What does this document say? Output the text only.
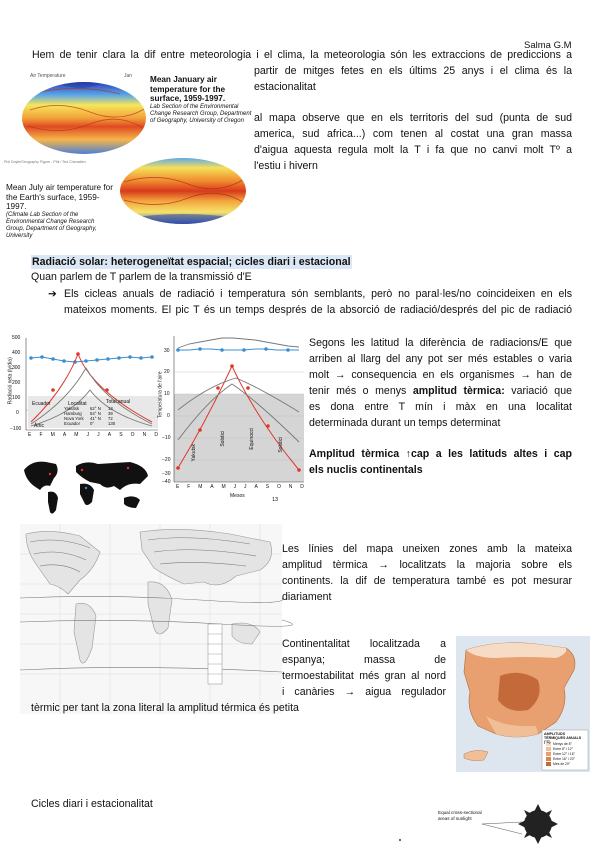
Salma G.M
Hem de tenir clara la dif entre meteorologia i el clima, la meteorologia són les extraccions de prediccions a
partir de mitges fetes en els últims 25 anys i el clima és la
estacionalitat
al mapa observe que en els territoris del sud (punta de sud
america, sud africa...) com tenen al costat una gran massa
d'aigua aquesta regula molt la T i fa que no canvi molt Tº a
l'estiu i hivern
Air Temperature	Jan
Phil Doyle/Geography Figure - Phil / Ted Chenatten
Mean January air temperature for the surface, 1959-1997.
Lab Section of the Environmental Change Research Group, Department of Geography, University of Oregon
Mean July air temperature for the Earth's surface, 1959-1997.
(Climate Lab Section of the Environmental Change Research Group, Department of Geography, University
Radiació solar: heterogeneïtat espacial; cicles diari i estacional
Quan parlem de T parlem de la transmissió d'E
➔ Els cicleas anuals de radiació i temperatura són semblants, però no paral·les/no coincideixen en els
mateixos moments. El pic T és un temps després de la absorció de radiació/després del pic de radiació
Radiació neta (ly/dia)
500
400
300
200
100
0
−100
Ecuador	Localitat	Total anual
Àrtic
Yakutsk	62° N 13
Hamburg 54° N 39
Nova York 41° N 72
Ecuador 0°	130
E F M A M J J A S O N D
Temperatura de l'aire
30
20
10
0
−10
−20
−30
−40
Yakutsk
Solstici	Equinocci	Solstici
E F M A M J J A S O N D
Mesos
13
Segons les latitud la diferència de radiacions/E que
arriben al llarg del any pot ser més estables o varia
molt → consequencia en els organismes → han de
tenir més o menys amplitud tèrmica: variació que
es dona entre T mín i màx en una localitat
determinada durant un temps determinat
Amplitud tèrmica ↑cap a les latituds altes i cap
els nuclis continentals
Les línies del mapa uneixen zones amb la mateixa
amplitud tèrmica → localitzats la majoria sobre els
continents. la dif de temperatura també es pot mesurar
diariament
Continentalitat localitzada a
espanya;	massa	de
termoestabilitat més gran al nord
i canàries → aigua regulador
tèrmic per tant la zona literal la amplitud térmica és petita
AMPLITUDS TÈRMIQUES ANUALS (°C) Menys de 8°
Entre 8° i 12°
Entre 12° i 16°
Entre 16° i 20°
Més de 20°
Cicles diari i estacionalitat
Equal cross-sectional areas of sunlight
